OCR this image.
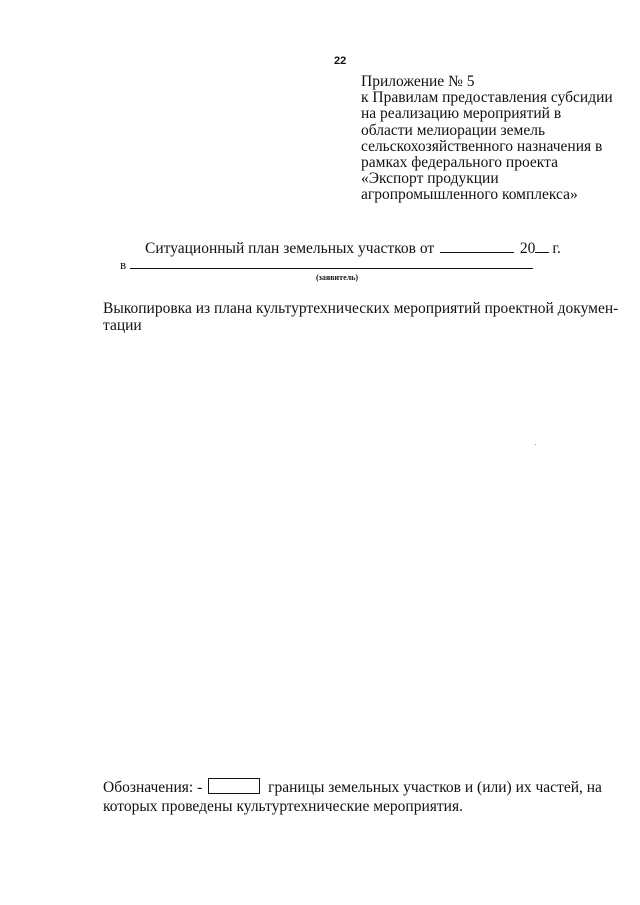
22
Приложение № 5
к Правилам предоставления субсидии
на реализацию мероприятий в
области мелиорации земель
сельскохозяйственного назначения в
рамках федерального проекта
«Экспорт продукции
агропромышленного комплекса»
Ситуационный план земельных участков от	20 г.
в
(заявитель)
Выкопировка из плана культуртехнических мероприятий проектной докумен-
тации
Обозначения: -	границы земельных участков и (или) их частей, на
которых проведены культуртехнические мероприятия.
